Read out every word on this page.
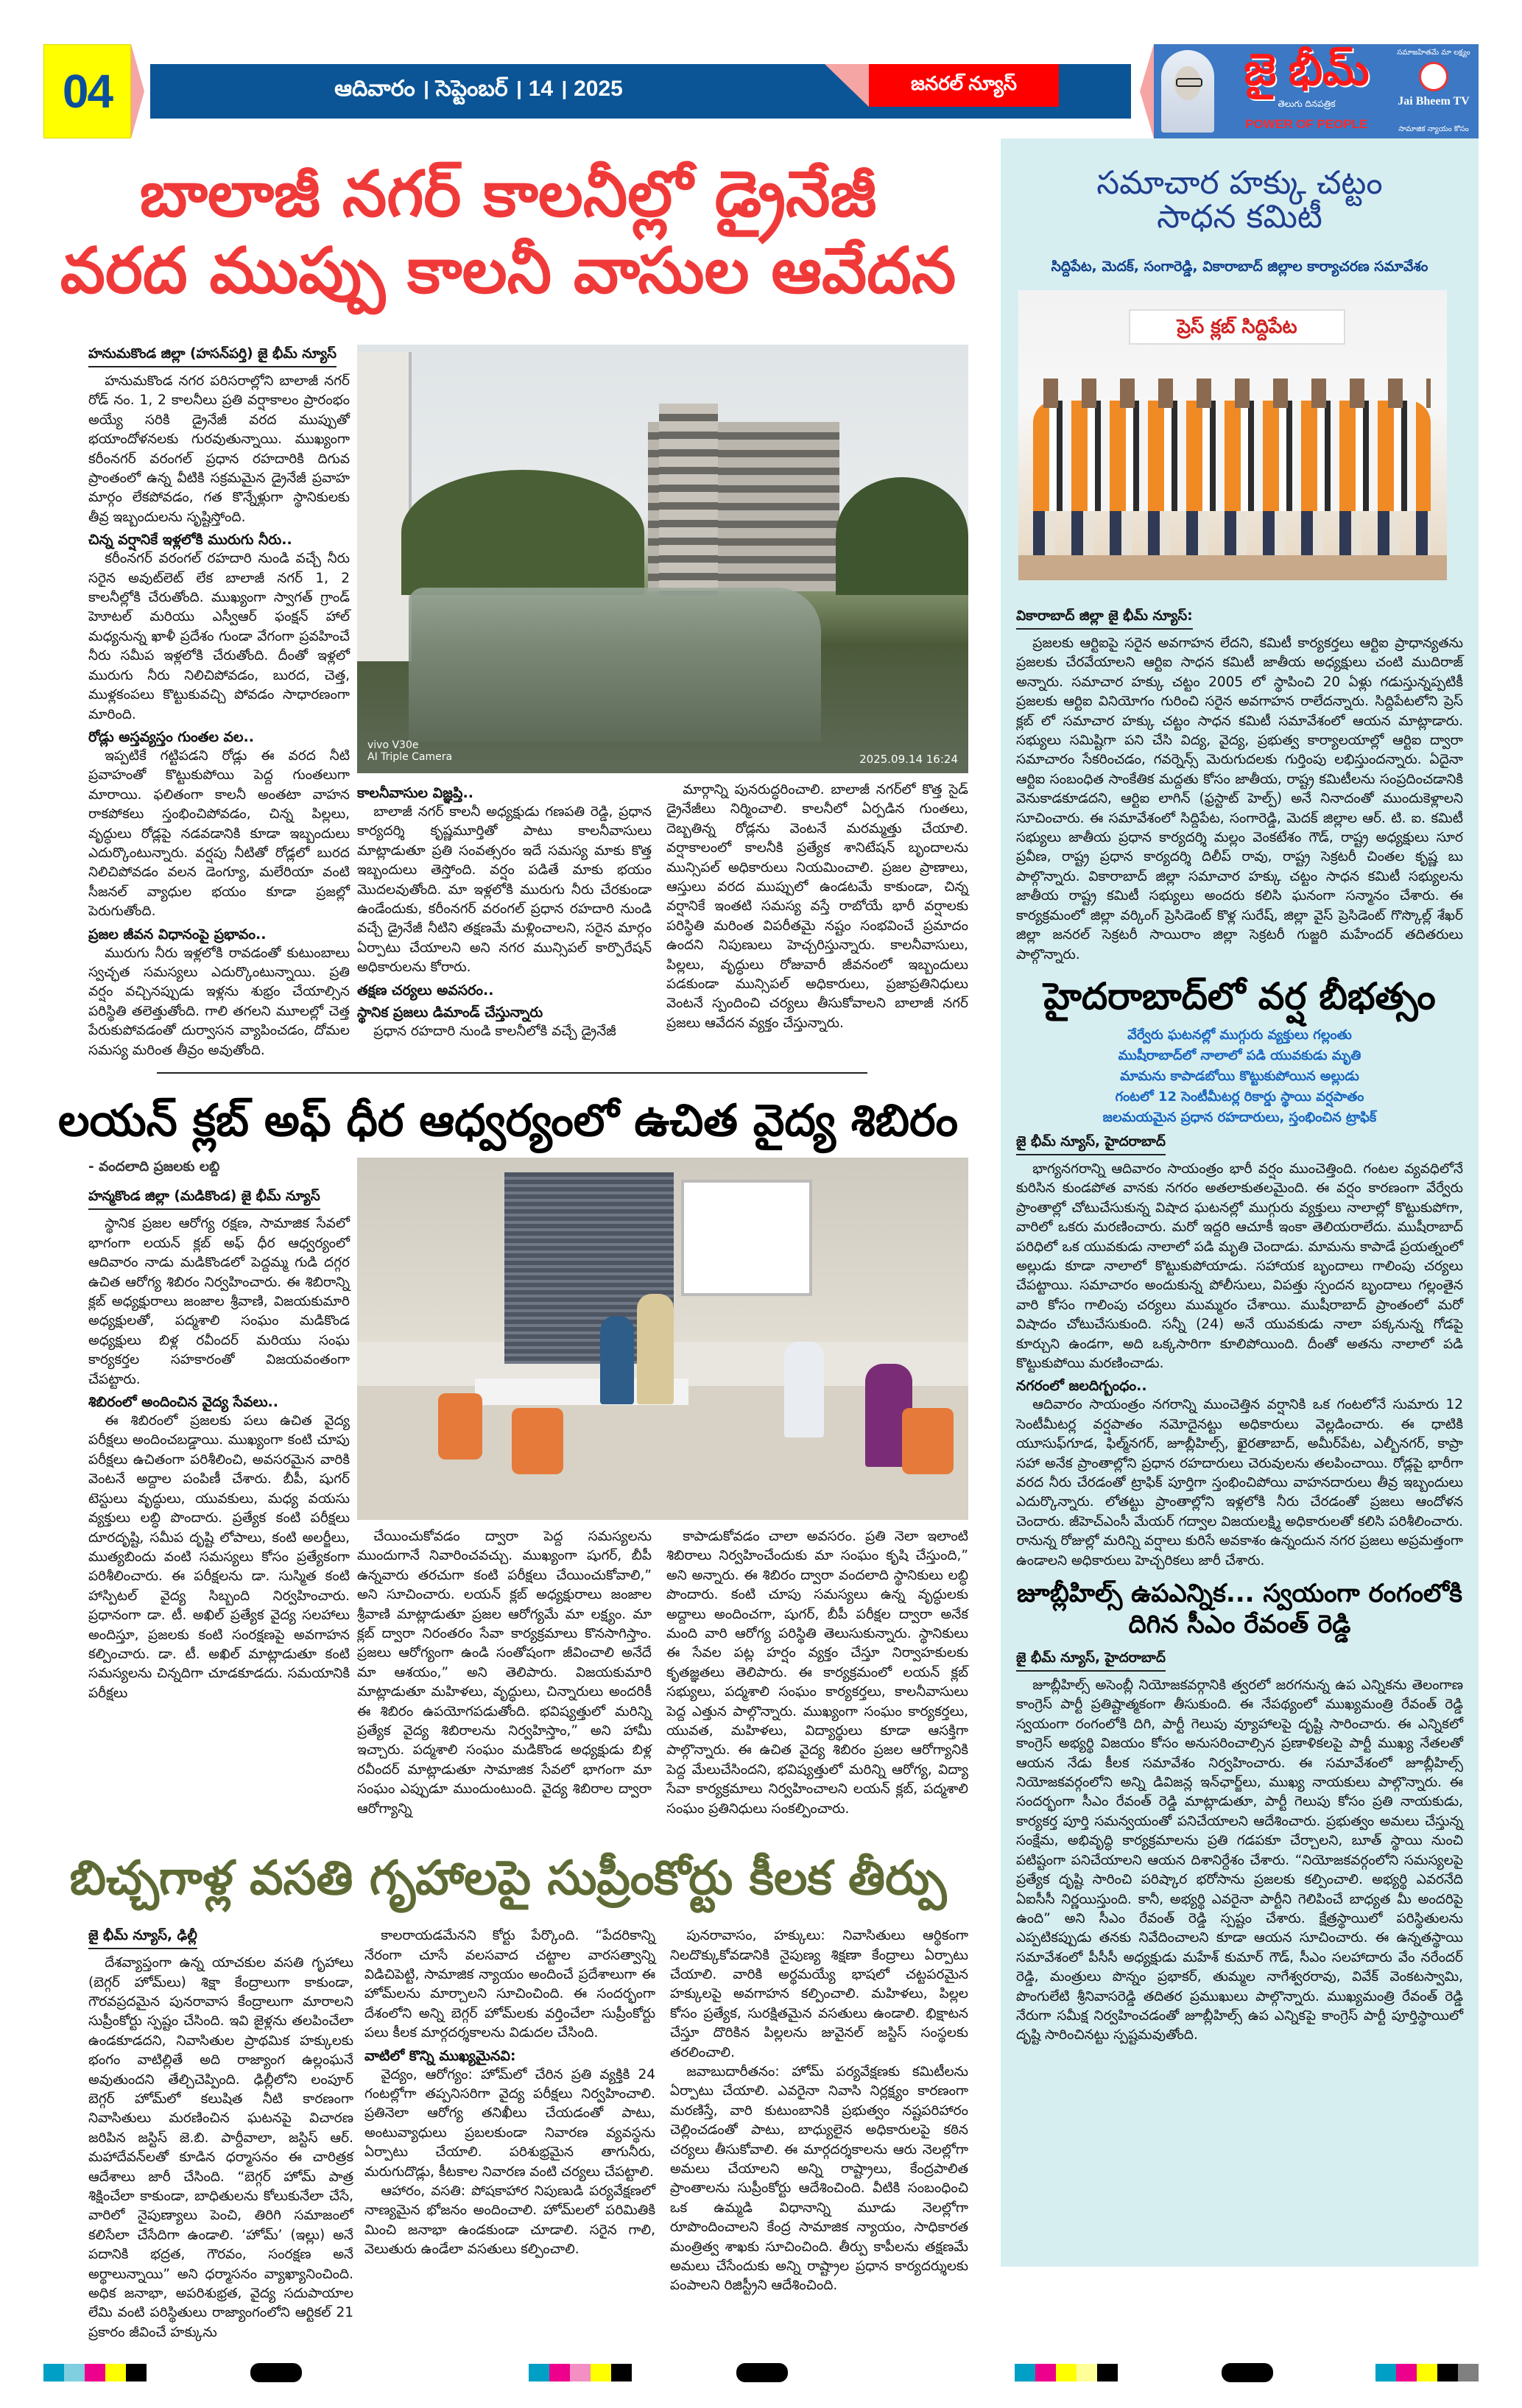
04	ఆదివారం । సెప్టెంబర్ । 14 । 2025	జనరల్ న్యూస్	జై భీమ్
తెలుగు దినపత్రిక
POWER OF PEOPLE
సమాజహితమే మా లక్ష్యం
Jai Bheem TV
సామాజిక న్యాయం కోసం
బాలాజీ నగర్ కాలనీల్లో డ్రైనేజీ
వరద ముప్పు కాలనీ వాసుల ఆవేదన
హనుమకొండ జిల్లా (హసన్‌పర్తి) జై భీమ్ న్యూస్

హనుమకొండ నగర పరిసరాల్లోని బాలాజీ నగర్ రోడ్ నం. 1, 2 కాలనీలు ప్రతి వర్షాకాలం ప్రారంభం అయ్యే సరికి డ్రైనేజీ వరద ముప్పుతో భయాందోళనలకు గురవుతున్నాయి. ముఖ్యంగా కరీంనగర్ వరంగల్ ప్రధాన రహదారికి దిగువ ప్రాంతంలో ఉన్న వీటికి సక్రమమైన డ్రైనేజీ ప్రవాహ మార్గం లేకపోవడం, గత కొన్నేళ్లుగా స్థానికులకు తీవ్ర ఇబ్బందులను సృష్టిస్తోంది.

చిన్న వర్షానికే ఇళ్లలోకి మురుగు నీరు..

కరీంనగర్ వరంగల్ రహదారి నుండి వచ్చే నీరు సరైన అవుట్‌లెట్ లేక బాలాజీ నగర్ 1, 2 కాలనీల్లోకి చేరుతోంది. ముఖ్యంగా స్వాగత్ గ్రాండ్ హెూటల్ మరియు ఎస్వీఆర్ ఫంక్షన్ హాల్ మధ్యనున్న ఖాళీ ప్రదేశం గుండా వేగంగా ప్రవహించే నీరు సమీప ఇళ్లలోకి చేరుతోంది. దీంతో ఇళ్లలో మురుగు నీరు నిలిచిపోవడం, బురద, చెత్త, ముళ్లకంపలు కొట్టుకువచ్చి పోవడం సాధారణంగా మారింది.

రోడ్లు అస్తవ్యస్తం గుంతల వల..

ఇప్పటికే గట్టిపడని రోడ్లు ఈ వరద నీటి ప్రవాహంతో కొట్టుకుపోయి పెద్ద గుంతలుగా మారాయి. ఫలితంగా కాలనీ అంతటా వాహన రాకపోకలు స్తంభించిపోవడం, చిన్న పిల్లలు, వృద్ధులు రోడ్లపై నడవడానికి కూడా ఇబ్బందులు ఎదుర్కొంటున్నారు. వర్షపు నీటితో రోడ్లలో బురద నిలిచిపోవడం వలన డెంగ్యూ, మలేరియా వంటి సీజనల్ వ్యాధుల భయం కూడా ప్రజల్లో పెరుగుతోంది.

ప్రజల జీవన విధానంపై ప్రభావం..

మురుగు నీరు ఇళ్లలోకి రావడంతో కుటుంబాలు స్వచ్ఛత సమస్యలు ఎదుర్కొంటున్నాయి. ప్రతి వర్షం వచ్చినప్పుడు ఇళ్లను శుభ్రం చేయాల్సిన పరిస్థితి తలెత్తుతోంది. గాలి తగలని మూలల్లో చెత్త పేరుకుపోవడంతో దుర్వాసన వ్యాపించడం, దోమల సమస్య మరింత తీవ్రం అవుతోంది.

vivo V30e
AI Triple Camera	2025.09.14 16:24
కాలనీవాసుల విజ్ఞప్తి..

బాలాజీ నగర్ కాలనీ అధ్యక్షుడు గణపతి రెడ్డి, ప్రధాన కార్యదర్శి కృష్ణమూర్తితో పాటు కాలనీవాసులు మాట్లాడుతూ ప్రతి సంవత్సరం ఇదే సమస్య మాకు కొత్త ఇబ్బందులు తెస్తోంది. వర్షం పడితే మాకు భయం మొదలవుతోంది. మా ఇళ్లలోకి మురుగు నీరు చేరకుండా ఉండేందుకు, కరీంనగర్ వరంగల్ ప్రధాన రహదారి నుండి వచ్చే డ్రైనేజీ నీటిని తక్షణమే మళ్లించాలని, సరైన మార్గం ఏర్పాటు చేయాలని అని నగర మున్సిపల్ కార్పొరేషన్ అధికారులను కోరారు.

తక్షణ చర్యలు అవసరం..
స్థానిక ప్రజలు డిమాండ్ చేస్తున్నారు

ప్రధాన రహదారి నుండి కాలనీలోకి వచ్చే డ్రైనేజీ

మార్గాన్ని పునరుద్ధరించాలి. బాలాజీ నగర్‌లో కొత్త సైడ్ డ్రైనేజీలు నిర్మించాలి. కాలనీలో ఏర్పడిన గుంతలు, దెబ్బతిన్న రోడ్లను వెంటనే మరమ్మత్తు చేయాలి. వర్షాకాలంలో కాలనీకి ప్రత్యేక శానిటేషన్ బృందాలను మున్సిపల్ అధికారులు నియమించాలి. ప్రజల ప్రాణాలు, ఆస్తులు వరద ముప్పులో ఉండటమే కాకుండా, చిన్న వర్షానికే ఇంతటి సమస్య వస్తే రాబోయే భారీ వర్షాలకు పరిస్థితి మరింత విపరీతమై నష్టం సంభవించే ప్రమాదం ఉందని నిపుణులు హెచ్చరిస్తున్నారు. కాలనీవాసులు, పిల్లలు, వృద్ధులు రోజువారీ జీవనంలో ఇబ్బందులు పడకుండా మున్సిపల్ అధికారులు, ప్రజాప్రతినిధులు వెంటనే స్పందించి చర్యలు తీసుకోవాలని బాలాజీ నగర్ ప్రజలు ఆవేదన వ్యక్తం చేస్తున్నారు.

లయన్ క్లబ్ అఫ్ ధీర ఆధ్వర్యంలో ఉచిత వైద్య శిబిరం
- వందలాది ప్రజలకు లబ్ది
హన్మకొండ జిల్లా (మడికొండ) జై భీమ్ న్యూస్

స్థానిక ప్రజల ఆరోగ్య రక్షణ, సామాజిక సేవలో భాగంగా లయన్ క్లబ్ అఫ్ ధీర ఆధ్వర్యంలో ఆదివారం నాడు మడికొండలో పెద్దమ్మ గుడి దగ్గర ఉచిత ఆరోగ్య శిబిరం నిర్వహించారు. ఈ శిబిరాన్ని క్లబ్ అధ్యక్షురాలు జంజాల శ్రీవాణి, విజయకుమారి అధ్యక్షులతో, పద్మశాలి సంఘం మడికొండ అధ్యక్షులు బిళ్ల రవీందర్ మరియు సంఘ కార్యకర్తల సహకారంతో విజయవంతంగా చేపట్టారు.

శిబిరంలో అందించిన వైద్య సేవలు..

ఈ శిబిరంలో ప్రజలకు పలు ఉచిత వైద్య పరీక్షలు అందించబడ్డాయి. ముఖ్యంగా కంటి చూపు పరీక్షలు ఉచితంగా పరిశీలించి, అవసరమైన వారికి వెంటనే అద్దాల పంపిణీ చేశారు. బీపీ, షుగర్ టెస్టులు వృద్ధులు, యువకులు, మధ్య వయసు వ్యక్తులు లబ్ధి పొందారు. ప్రత్యేక కంటి పరీక్షలు దూరదృష్టి, సమీప దృష్టి లోపాలు, కంటి అలర్జీలు, ముత్యబిందు వంటి సమస్యలు కోసం ప్రత్యేకంగా పరిశీలించారు. ఈ పరీక్షలను డా. సుస్మిత కంటి హాస్పిటల్ వైద్య సిబ్బంది నిర్వహించారు. ప్రధానంగా డా. టీ. అఖిల్ ప్రత్యేక వైద్య సలహాలు అందిస్తూ, ప్రజలకు కంటి సంరక్షణపై అవగాహన కల్పించారు. డా. టీ. అఖిల్ మాట్లాడుతూ కంటి సమస్యలను చిన్నదిగా చూడకూడదు. సమయానికి పరీక్షలు

చేయించుకోవడం ద్వారా పెద్ద సమస్యలను ముందుగానే నివారించవచ్చు. ముఖ్యంగా షుగర్, బీపీ ఉన్నవారు తరచుగా కంటి పరీక్షలు చేయించుకోవాలి,” అని సూచించారు. లయన్ క్లబ్ అధ్యక్షురాలు జంజాల శ్రీవాణి మాట్లాడుతూ ప్రజల ఆరోగ్యమే మా లక్ష్యం. మా క్లబ్ ద్వారా నిరంతరం సేవా కార్యక్రమాలు కొనసాగిస్తాం. ప్రజలు ఆరోగ్యంగా ఉండి సంతోషంగా జీవించాలి అనేదే మా ఆశయం,” అని తెలిపారు. విజయకుమారి మాట్లాడుతూ మహిళలు, వృద్ధులు, చిన్నారులు అందరికీ ఈ శిబిరం ఉపయోగపడుతోంది. భవిష్యత్తులో మరిన్ని ప్రత్యేక వైద్య శిబిరాలను నిర్వహిస్తాం,” అని హామీ ఇచ్చారు. పద్మశాలి సంఘం మడికొండ అధ్యక్షుడు బిళ్ల రవీందర్ మాట్లాడుతూ సామాజిక సేవలో భాగంగా మా సంఘం ఎప్పుడూ ముందుంటుంది. వైద్య శిబిరాల ద్వారా ఆరోగ్యాన్ని

కాపాడుకోవడం చాలా అవసరం. ప్రతి నెలా ఇలాంటి శిబిరాలు నిర్వహించేందుకు మా సంఘం కృషి చేస్తుంది,” అని అన్నారు. ఈ శిబిరం ద్వారా వందలాది స్థానికులు లబ్ధి పొందారు. కంటి చూపు సమస్యలు ఉన్న వృద్ధులకు అద్దాలు అందించగా, షుగర్, బీపీ పరీక్షల ద్వారా అనేక మంది వారి ఆరోగ్య పరిస్థితి తెలుసుకున్నారు. స్థానికులు ఈ సేవల పట్ల హర్షం వ్యక్తం చేస్తూ నిర్వాహకులకు కృతజ్ఞతలు తెలిపారు. ఈ కార్యక్రమంలో లయన్ క్లబ్ సభ్యులు, పద్మశాలి సంఘం కార్యకర్తలు, కాలనీవాసులు పెద్ద ఎత్తున పాల్గొన్నారు. ముఖ్యంగా సంఘం కార్యకర్తలు, యువత, మహిళలు, విద్యార్థులు కూడా ఆసక్తిగా పాల్గొన్నారు. ఈ ఉచిత వైద్య శిబిరం ప్రజల ఆరోగ్యానికి పెద్ద మేలుచేసిందని, భవిష్యత్తులో మరిన్ని ఆరోగ్య, విద్యా సేవా కార్యక్రమాలు నిర్వహించాలని లయన్ క్లబ్, పద్మశాలి సంఘం ప్రతినిధులు సంకల్పించారు.

బిచ్చగాళ్ల వసతి గృహాలపై సుప్రీంకోర్టు కీలక తీర్పు
జై భీమ్ న్యూస్, ఢిల్లీ

దేశవ్యాప్తంగా ఉన్న యాచకుల వసతి గృహాలు (బెగ్గర్ హోమ్‌లు) శిక్షా కేంద్రాలుగా కాకుండా, గౌరవప్రదమైన పునరావాస కేంద్రాలుగా మారాలని సుప్రీంకోర్టు స్పష్టం చేసింది. ఇవి జైళ్లను తలపించేలా ఉండకూడదని, నివాసితుల ప్రాథమిక హక్కులకు భంగం వాటిల్లితే అది రాజ్యాంగ ఉల్లంఘనే అవుతుందని తేల్చిచెప్పింది. ఢిల్లీలోని లంపూర్ బెగ్గర్ హోమ్‌లో కలుషిత నీటి కారణంగా నివాసితులు మరణించిన ఘటనపై విచారణ జరిపిన జస్టిస్ జె.బి. పార్దీవాలా, జస్టిస్ ఆర్. మహాదేవన్‌లతో కూడిన ధర్మాసనం ఈ చారిత్రక ఆదేశాలు జారీ చేసింది. “బెగ్గర్ హోమ్ పాత్ర శిక్షించేలా కాకుండా, బాధితులను కోలుకునేలా చేసే, వారిలో నైపుణ్యాలు పెంచి, తిరిగి సమాజంలో కలిసేలా చేసేదిగా ఉండాలి. ‘హోమ్’ (ఇల్లు) అనే పదానికి భద్రత, గౌరవం, సంరక్షణ అనే అర్థాలున్నాయి” అని ధర్మాసనం వ్యాఖ్యానించింది. అధిక జనాభా, అపరిశుభ్రత, వైద్య సదుపాయాల లేమి వంటి పరిస్థితులు రాజ్యాంగంలోని ఆర్టికల్ 21 ప్రకారం జీవించే హక్కును

కాలరాయడమేనని కోర్టు పేర్కొంది. “పేదరికాన్ని నేరంగా చూసే వలసవాద చట్టాల వారసత్వాన్ని విడిచిపెట్టి, సామాజిక న్యాయం అందించే ప్రదేశాలుగా ఈ హోమ్‌లను మార్చాలని సూచించింది. ఈ సందర్భంగా దేశంలోని అన్ని బెగ్గర్ హోమ్‌లకు వర్తించేలా సుప్రీంకోర్టు పలు కీలక మార్గదర్శకాలను విడుదల చేసింది.

వాటిలో కొన్ని ముఖ్యమైనవి:

వైద్యం, ఆరోగ్యం: హోమ్‌లో చేరిన ప్రతి వ్యక్తికి 24 గంటల్లోగా తప్పనిసరిగా వైద్య పరీక్షలు నిర్వహించాలి. ప్రతినెలా ఆరోగ్య తనిఖీలు చేయడంతో పాటు, అంటువ్యాధులు ప్రబలకుండా నివారణ వ్యవస్థను ఏర్పాటు చేయాలి. పరిశుభ్రమైన తాగునీరు, మరుగుదొడ్లు, కీటకాల నివారణ వంటి చర్యలు చేపట్టాలి.

ఆహారం, వసతి: పోషకాహార నిపుణుడి పర్యవేక్షణలో నాణ్యమైన భోజనం అందించాలి. హోమ్‌లలో పరిమితికి మించి జనాభా ఉండకుండా చూడాలి. సరైన గాలి, వెలుతురు ఉండేలా వసతులు కల్పించాలి.

పునరావాసం, హక్కులు: నివాసితులు ఆర్థికంగా నిలదొక్కుకోవడానికి నైపుణ్య శిక్షణా కేంద్రాలు ఏర్పాటు చేయాలి. వారికి అర్థమయ్యే భాషలో చట్టపరమైన హక్కులపై అవగాహన కల్పించాలి. మహిళలు, పిల్లల కోసం ప్రత్యేక, సురక్షితమైన వసతులు ఉండాలి. భిక్షాటన చేస్తూ దొరికిన పిల్లలను జువైనల్ జస్టిస్ సంస్థలకు తరలించాలి.

జవాబుదారీతనం: హోమ్ పర్యవేక్షణకు కమిటీలను ఏర్పాటు చేయాలి. ఎవరైనా నివాసి నిర్లక్ష్యం కారణంగా మరణిస్తే, వారి కుటుంబానికి ప్రభుత్వం నష్టపరిహారం చెల్లించడంతో పాటు, బాధ్యులైన అధికారులపై కఠిన చర్యలు తీసుకోవాలి. ఈ మార్గదర్శకాలను ఆరు నెలల్లోగా అమలు చేయాలని అన్ని రాష్ట్రాలు, కేంద్రపాలిత ప్రాంతాలను సుప్రీంకోర్టు ఆదేశించింది. వీటికి సంబంధించి ఒక ఉమ్మడి విధానాన్ని మూడు నెలల్లోగా రూపొందించాలని కేంద్ర సామాజిక న్యాయం, సాధికారత మంత్రిత్వ శాఖకు సూచించింది. తీర్పు కాపీలను తక్షణమే అమలు చేసేందుకు అన్ని రాష్ట్రాల ప్రధాన కార్యదర్శులకు పంపాలని రిజిస్ట్రీని ఆదేశించింది.

సమాచార హక్కు చట్టం
సాధన కమిటీ
సిద్దిపేట, మెదక్, సంగారెడ్డి, వికారాబాద్ జిల్లాల కార్యాచరణ సమావేశం
ప్రెస్ క్లబ్ సిద్దిపేట
వికారాబాద్ జిల్లా జై భీమ్ న్యూస్:

ప్రజలకు ఆర్టిఐపై సరైన అవగాహన లేదని, కమిటీ కార్యకర్తలు ఆర్టిఐ ప్రాధాన్యతను ప్రజలకు చేరవేయాలని ఆర్టిఐ సాధన కమిటీ జాతీయ అధ్యక్షులు చంటి ముదిరాజ్ అన్నారు. సమాచార హక్కు చట్టం 2005 లో స్థాపించి 20 ఏళ్లు గడుస్తున్నప్పటికీ ప్రజలకు ఆర్టిఐ వినియోగం గురించి సరైన అవగాహన రాలేదన్నారు. సిద్దిపేటలోని ప్రెస్ క్లబ్ లో సమాచార హక్కు చట్టం సాధన కమిటీ సమావేశంలో ఆయన మాట్లాడారు. సభ్యులు సమిష్టిగా పని చేసి విద్య, వైద్య, ప్రభుత్వ కార్యాలయాల్లో ఆర్టిఐ ద్వారా సమాచారం సేకరించడం, గవర్నెన్స్ మెరుగుదలకు గుర్తింపు లభిస్తుందన్నారు. ఏదైనా ఆర్టిఐ సంబంధిత సాంకేతిక మద్దతు కోసం జాతీయ, రాష్ట్ర కమిటీలను సంప్రదించడానికి వెనుకాడకూడదని, ఆర్టిఐ లాగిన్ (ఫ్రస్టాట్ హెల్ప్) అనే నినాదంతో ముందుకెళ్లాలని సూచించారు. ఈ సమావేశంలో సిద్దిపేట, సంగారెడ్డి, మెదక్ జిల్లాల ఆర్. టి. ఐ. కమిటీ సభ్యులు జాతీయ ప్రధాన కార్యదర్శి మల్లం వెంకటేశం గౌడ్, రాష్ట్ర అధ్యక్షులు సూర ప్రవీణ, రాష్ట్ర ప్రధాన కార్యదర్శి దిలీప్ రావు, రాష్ట్ర సెక్రటరీ చింతల కృష్ణ బు పాల్గొన్నారు. వికారాబాద్ జిల్లా సమాచార హక్కు చట్టం సాధన కమిటీ సభ్యులను జాతీయ రాష్ట్ర కమిటీ సభ్యులు అందరు కలిసి ఘనంగా సన్మానం చేశారు. ఈ కార్యక్రమంలో జిల్లా వర్కింగ్ ప్రెసిడెంట్ కొళ్ల సురేష్, జిల్లా వైస్ ప్రెసిడెంట్ గొస్కొల్ల్ శేఖర్ జిల్లా జనరల్ సెక్రటరీ సాయిరాం జిల్లా సెక్రటరీ గుజ్జరి మహేందర్ తదితరులు పాల్గొన్నారు.

హైదరాబాద్‌లో వర్ష బీభత్సం
వేర్వేరు ఘటనల్లో ముగ్గురు వ్యక్తులు గల్లంతు
ముషీరాబాద్‌లో నాలాలో పడి యువకుడు మృతి
మామను కాపాడబోయి కొట్టుకుపోయిన అల్లుడు
గంటలో 12 సెంటీమీటర్ల రికార్డు స్థాయి వర్షపాతం
జలమయమైన ప్రధాన రహదారులు, స్తంభించిన ట్రాఫిక్
జై భీమ్ న్యూస్, హైదరాబాద్

భాగ్యనగరాన్ని ఆదివారం సాయంత్రం భారీ వర్షం ముంచెత్తింది. గంటల వ్యవధిలోనే కురిసిన కుండపోత వానకు నగరం అతలాకుతలమైంది. ఈ వర్షం కారణంగా వేర్వేరు ప్రాంతాల్లో చోటుచేసుకున్న విషాద ఘటనల్లో ముగ్గురు వ్యక్తులు నాలాల్లో కొట్టుకుపోగా, వారిలో ఒకరు మరణించారు. మరో ఇద్దరి ఆచూకీ ఇంకా తెలియరాలేదు. ముషీరాబాద్ పరిధిలో ఒక యువకుడు నాలాలో పడి మృతి చెందాడు. మామను కాపాడే ప్రయత్నంలో అల్లుడు కూడా నాలాలో కొట్టుకుపోయాడు. సహాయక బృందాలు గాలింపు చర్యలు చేపట్టాయి. సమాచారం అందుకున్న పోలీసులు, విపత్తు స్పందన బృందాలు గల్లంతైన వారి కోసం గాలింపు చర్యలు ముమ్మరం చేశాయి. ముషీరాబాద్ ప్రాంతంలో మరో విషాదం చోటుచేసుకుంది. సన్నీ (24) అనే యువకుడు నాలా పక్కనున్న గోడపై కూర్చుని ఉండగా, అది ఒక్కసారిగా కూలిపోయింది. దీంతో అతను నాలాలో పడి కొట్టుకుపోయి మరణించాడు.

నగరంలో జలదిగ్బంధం..

ఆదివారం సాయంత్రం నగరాన్ని ముంచెత్తిన వర్షానికి ఒక గంటలోనే సుమారు 12 సెంటీమీటర్ల వర్షపాతం నమోదైనట్టు అధికారులు వెల్లడించారు. ఈ ధాటికి యూసుఫ్‌గూడ, ఫిల్మ్‌నగర్, జూబ్లీహిల్స్, ఖైరతాబాద్, అమీర్‌పేట, ఎల్బీనగర్, కాప్రా సహా అనేక ప్రాంతాల్లోని ప్రధాన రహదారులు చెరువులను తలపించాయి. రోడ్లపై భారీగా వరద నీరు చేరడంతో ట్రాఫిక్ పూర్తిగా స్తంభించిపోయి వాహనదారులు తీవ్ర ఇబ్బందులు ఎదుర్కొన్నారు. లోతట్టు ప్రాంతాల్లోని ఇళ్లలోకి నీరు చేరడంతో ప్రజలు ఆందోళన చెందారు. జీహెచ్‌ఎంసీ మేయర్ గద్వాల విజయలక్ష్మి అధికారులతో కలిసి పరిశీలించారు. రానున్న రోజుల్లో మరిన్ని వర్షాలు కురిసే అవకాశం ఉన్నందున నగర ప్రజలు అప్రమత్తంగా ఉండాలని అధికారులు హెచ్చరికలు జారీ చేశారు.

జూబ్లీహిల్స్ ఉపఎన్నిక... స్వయంగా రంగంలోకి
దిగిన సీఎం రేవంత్ రెడ్డి
జై భీమ్ న్యూస్, హైదరాబాద్

జూబ్లీహిల్స్ అసెంబ్లీ నియోజకవర్గానికి త్వరలో జరగనున్న ఉప ఎన్నికను తెలంగాణ కాంగ్రెస్ పార్టీ ప్రతిష్టాత్మకంగా తీసుకుంది. ఈ నేపథ్యంలో ముఖ్యమంత్రి రేవంత్ రెడ్డి స్వయంగా రంగంలోకి దిగి, పార్టీ గెలుపు వ్యూహాలపై దృష్టి సారించారు. ఈ ఎన్నికలో కాంగ్రెస్ అభ్యర్థి విజయం కోసం అనుసరించాల్సిన ప్రణాళికలపై పార్టీ ముఖ్య నేతలతో ఆయన నేడు కీలక సమావేశం నిర్వహించారు. ఈ సమావేశంలో జూబ్లీహిల్స్ నియోజకవర్గంలోని అన్ని డివిజన్ల ఇన్‌ఛార్జ్‌లు, ముఖ్య నాయకులు పాల్గొన్నారు. ఈ సందర్భంగా సీఎం రేవంత్ రెడ్డి మాట్లాడుతూ, పార్టీ గెలుపు కోసం ప్రతి నాయకుడు, కార్యకర్త పూర్తి సమన్వయంతో పనిచేయాలని ఆదేశించారు. ప్రభుత్వం అమలు చేస్తున్న సంక్షేమ, అభివృద్ధి కార్యక్రమాలను ప్రతి గడపకూ చేర్చాలని, బూత్ స్థాయి నుంచి పటిష్టంగా పనిచేయాలని ఆయన దిశానిర్దేశం చేశారు. “నియోజకవర్గంలోని సమస్యలపై ప్రత్యేక దృష్టి సారించి పరిష్కార భరోసాను ప్రజలకు కల్పించాలి. అభ్యర్థి ఎవరనేది ఏఐసీసీ నిర్ణయిస్తుంది. కానీ, అభ్యర్థి ఎవరైనా పార్టీని గెలిపించే బాధ్యత మీ అందరిపై ఉంది” అని సీఎం రేవంత్ రెడ్డి స్పష్టం చేశారు. క్షేత్రస్థాయిలో పరిస్థితులను ఎప్పటికప్పుడు తనకు నివేదించాలని కూడా ఆయన సూచించారు. ఈ ఉన్నతస్థాయి సమావేశంలో పీసీసీ అధ్యక్షుడు మహేశ్ కుమార్ గౌడ్, సీఎం సలహాదారు వేం నరేందర్ రెడ్డి, మంత్రులు పొన్నం ప్రభాకర్, తుమ్మల నాగేశ్వరరావు, వివేక్ వెంకటస్వామి, పొంగులేటి శ్రీనివాసరెడ్డి తదితర ప్రముఖులు పాల్గొన్నారు. ముఖ్యమంత్రి రేవంత్ రెడ్డి నేరుగా సమీక్ష నిర్వహించడంతో జూబ్లీహిల్స్ ఉప ఎన్నికపై కాంగ్రెస్ పార్టీ పూర్తిస్థాయిలో దృష్టి సారించినట్టు స్పష్టమవుతోంది.
